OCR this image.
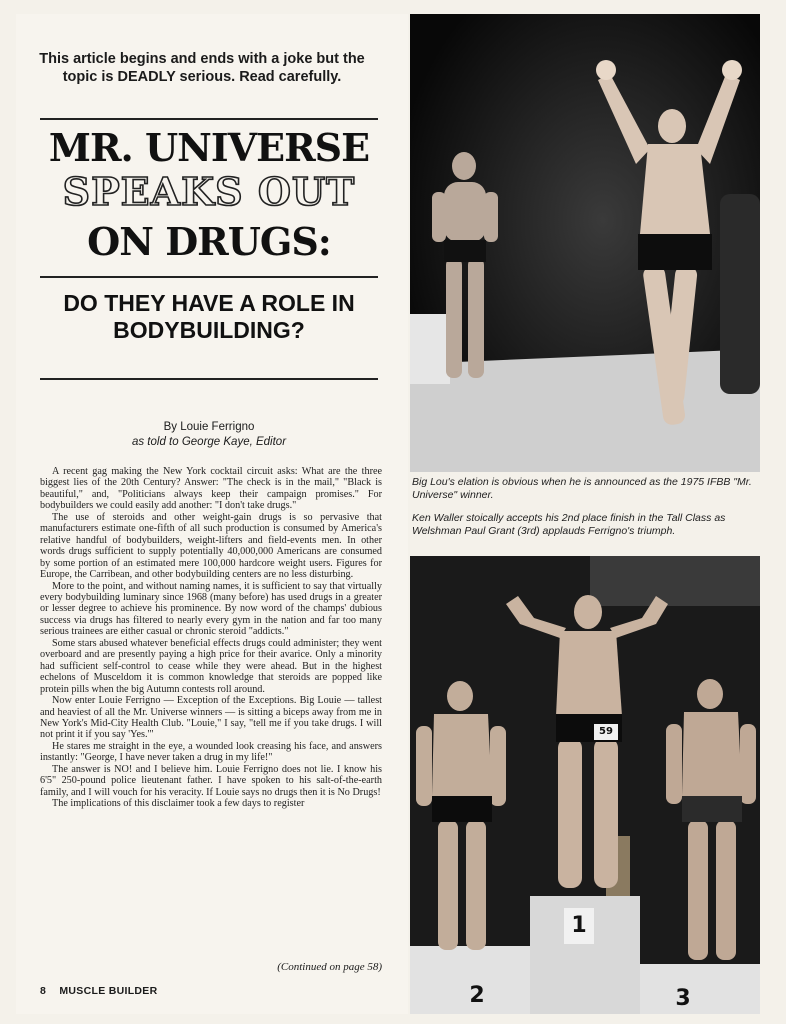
This article begins and ends with a joke but the topic is DEADLY serious. Read carefully.
MR. UNIVERSE
SPEAKS OUT
ON DRUGS:
DO THEY HAVE A ROLE IN BODYBUILDING?
By Louie Ferrigno
as told to George Kaye, Editor

A recent gag making the New York cocktail circuit asks: What are the three biggest lies of the 20th Century? Answer: "The check is in the mail," "Black is beautiful," and, "Politicians always keep their campaign promises." For bodybuilders we could easily add another: "I don't take drugs."

The use of steroids and other weight-gain drugs is so pervasive that manufacturers estimate one-fifth of all such production is consumed by America's relative handful of bodybuilders, weight-lifters and field-events men. In other words drugs sufficient to supply potentially 40,000,000 Americans are consumed by some portion of an estimated mere 100,000 hardcore weight users. Figures for Europe, the Carribean, and other bodybuilding centers are no less disturbing.

More to the point, and without naming names, it is sufficient to say that virtually every bodybuilding luminary since 1968 (many before) has used drugs in a greater or lesser degree to achieve his prominence. By now word of the champs' dubious success via drugs has filtered to nearly every gym in the nation and far too many serious trainees are either casual or chronic steroid "addicts."

Some stars abused whatever beneficial effects drugs could administer; they went overboard and are presently paying a high price for their avarice. Only a minority had sufficient self-control to cease while they were ahead. But in the highest echelons of Musceldom it is common knowledge that steroids are popped like protein pills when the big Autumn contests roll around.

Now enter Louie Ferrigno — Exception of the Exceptions. Big Louie — tallest and heaviest of all the Mr. Universe winners — is sitting a biceps away from me in New York's Mid-City Health Club. "Louie," I say, "tell me if you take drugs. I will not print it if you say 'Yes.'"

He stares me straight in the eye, a wounded look creasing his face, and answers instantly: "George, I have never taken a drug in my life!"

The answer is NO! and I believe him. Louie Ferrigno does not lie. I know his 6'5" 250-pound police lieutenant father. I have spoken to his salt-of-the-earth family, and I will vouch for his veracity. If Louie says no drugs then it is No Drugs!

The implications of this disclaimer took a few days to register

(Continued on page 58)
8 MUSCLE BUILDER
Big Lou's elation is obvious when he is announced as the 1975 IFBB "Mr. Universe" winner.
Ken Waller stoically accepts his 2nd place finish in the Tall Class as Welshman Paul Grant (3rd) applauds Ferrigno's triumph.
59
1
2	3
